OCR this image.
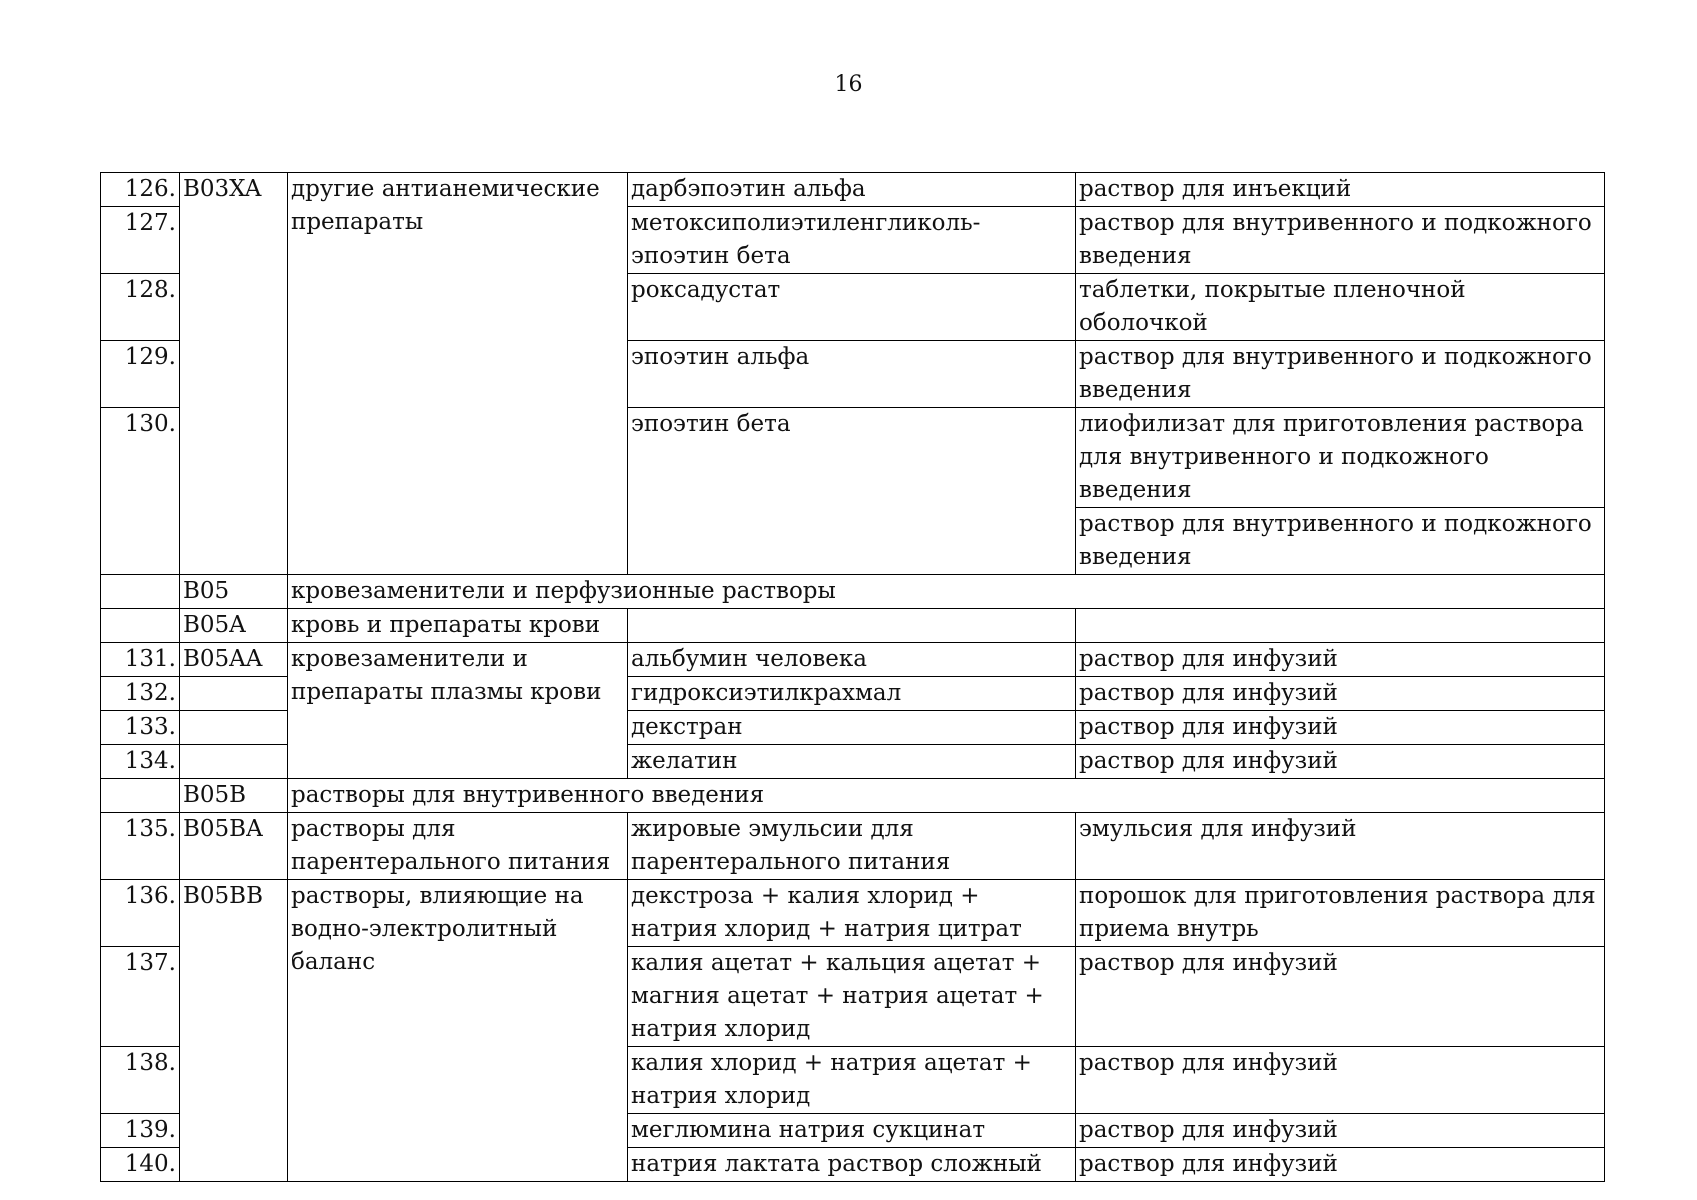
16
126.	B03XA	другие антианемические препараты	дарбэпоэтин альфа	раствор для инъекций
127.			метоксиполиэтиленгликоль-эпоэтин бета	раствор для внутривенного и подкожного введения
128.			роксадустат	таблетки, покрытые пленочной оболочкой
129.			эпоэтин альфа	раствор для внутривенного и подкожного введения
130.			эпоэтин бета	лиофилизат для приготовления раствора для внутривенного и подкожного введения
				раствор для внутривенного и подкожного введения
	B05	кровезаменители и перфузионные растворы		
	B05A	кровь и препараты крови		
131.	B05AA	кровезаменители и препараты плазмы крови	альбумин человека	раствор для инфузий
132.			гидроксиэтилкрахмал	раствор для инфузий
133.			декстран	раствор для инфузий
134.			желатин	раствор для инфузий
	B05B	растворы для внутривенного введения		
135.	B05BA	растворы для парентерального питания	жировые эмульсии для парентерального питания	эмульсия для инфузий
136.	B05BB	растворы, влияющие на водно-электролитный баланс	декстроза + калия хлорид + натрия хлорид + натрия цитрат	порошок для приготовления раствора для приема внутрь
137.			калия ацетат + кальция ацетат + магния ацетат + натрия ацетат + натрия хлорид	раствор для инфузий
138.			калия хлорид + натрия ацетат + натрия хлорид	раствор для инфузий
139.			меглюмина натрия сукцинат	раствор для инфузий
140.			натрия лактата раствор сложный	раствор для инфузий
